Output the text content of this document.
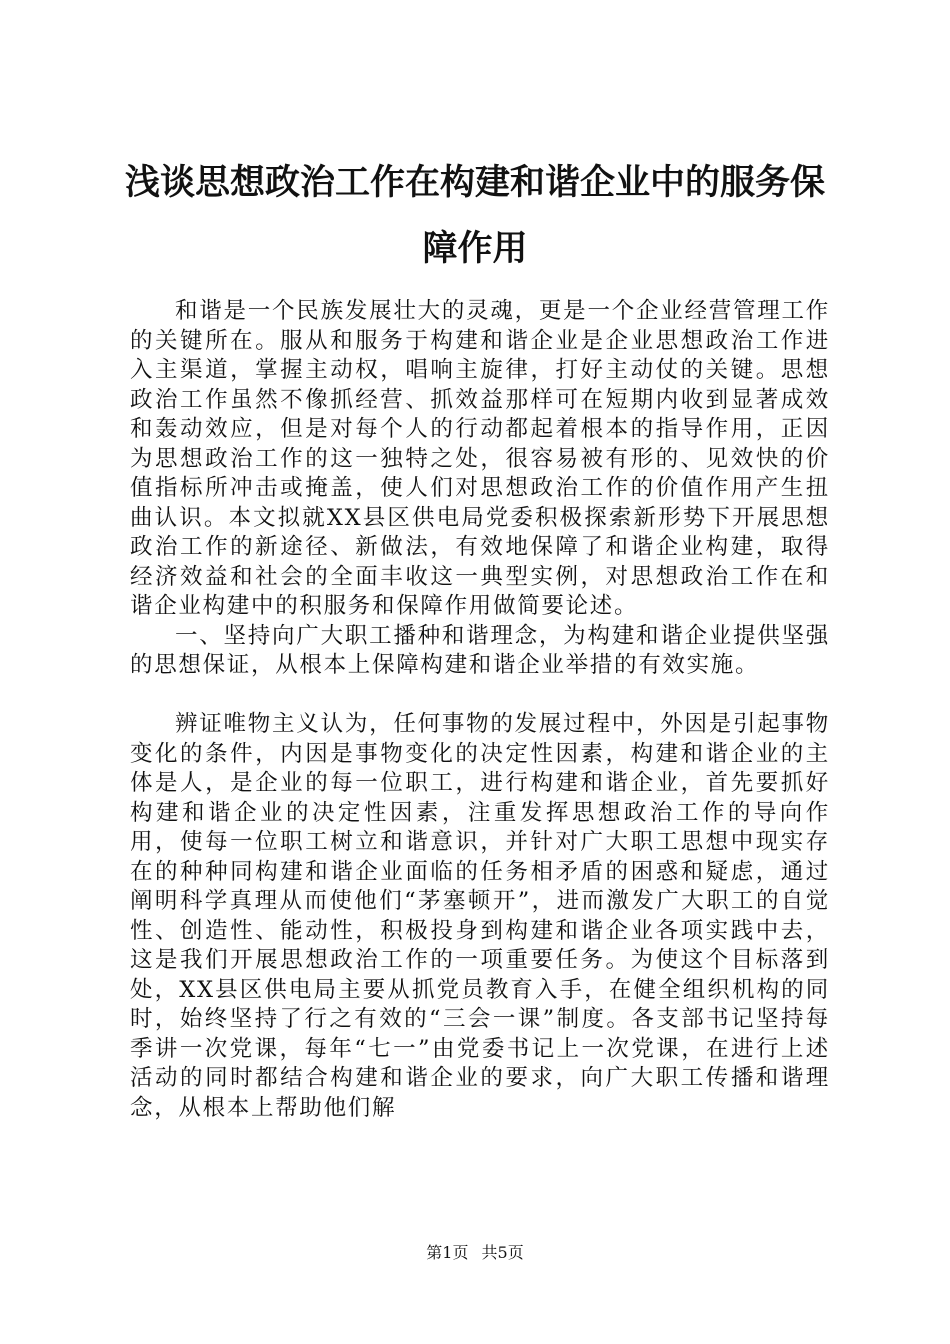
浅谈思想政治工作在构建和谐企业中的服务保
障作用

和谐是一个民族发展壮大的灵魂，更是一个企业经营管理工作的关键所在。服从和服务于构建和谐企业是企业思想政治工作进入主渠道，掌握主动权，唱响主旋律，打好主动仗的关键。思想政治工作虽然不像抓经营、抓效益那样可在短期内收到显著成效和轰动效应，但是对每个人的行动都起着根本的指导作用，正因为思想政治工作的这一独特之处，很容易被有形的、见效快的价值指标所冲击或掩盖，使人们对思想政治工作的价值作用产生扭曲认识。本文拟就XX县区供电局党委积极探索新形势下开展思想政治工作的新途径、新做法，有效地保障了和谐企业构建，取得经济效益和社会的全面丰收这一典型实例，对思想政治工作在和谐企业构建中的积服务和保障作用做简要论述。

一、坚持向广大职工播种和谐理念，为构建和谐企业提供坚强的思想保证，从根本上保障构建和谐企业举措的有效实施。

辨证唯物主义认为，任何事物的发展过程中，外因是引起事物变化的条件，内因是事物变化的决定性因素，构建和谐企业的主体是人，是企业的每一位职工，进行构建和谐企业，首先要抓好构建和谐企业的决定性因素，注重发挥思想政治工作的导向作用，使每一位职工树立和谐意识，并针对广大职工思想中现实存在的种种同构建和谐企业面临的任务相矛盾的困惑和疑虑，通过阐明科学真理从而使他们“茅塞顿开”，进而激发广大职工的自觉性、创造性、能动性，积极投身到构建和谐企业各项实践中去，这是我们开展思想政治工作的一项重要任务。为使这个目标落到处，XX县区供电局主要从抓党员教育入手，在健全组织机构的同时，始终坚持了行之有效的“三会一课”制度。各支部书记坚持每季讲一次党课，每年“七一”由党委书记上一次党课，在进行上述活动的同时都结合构建和谐企业的要求，向广大职工传播和谐理念，从根本上帮助他们解

第1页 共5页
